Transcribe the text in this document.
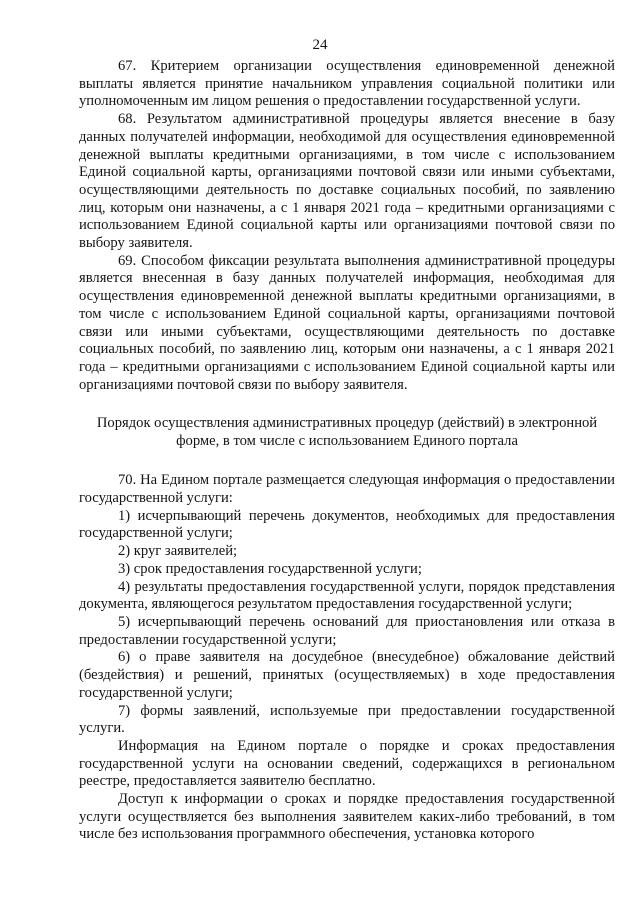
24

67. Критерием организации осуществления единовременной денежной выплаты является принятие начальником управления социальной политики или уполномоченным им лицом решения о предоставлении государственной услуги.

68. Результатом административной процедуры является внесение в базу данных получателей информации, необходимой для осуществления единовременной денежной выплаты кредитными организациями, в том числе с использованием Единой социальной карты, организациями почтовой связи или иными субъектами, осуществляющими деятельность по доставке социальных пособий, по заявлению лиц, которым они назначены, а с 1 января 2021 года – кредитными организациями с использованием Единой социальной карты или организациями почтовой связи по выбору заявителя.

69. Способом фиксации результата выполнения административной процедуры является внесенная в базу данных получателей информация, необходимая для осуществления единовременной денежной выплаты кредитными организациями, в том числе с использованием Единой социальной карты, организациями почтовой связи или иными субъектами, осуществляющими деятельность по доставке социальных пособий, по заявлению лиц, которым они назначены, а с 1 января 2021 года – кредитными организациями с использованием Единой социальной карты или организациями почтовой связи по выбору заявителя.

Порядок осуществления административных процедур (действий) в электронной форме, в том числе с использованием Единого портала

70. На Едином портале размещается следующая информация о предоставлении государственной услуги:

1) исчерпывающий перечень документов, необходимых для предоставления государственной услуги;

2) круг заявителей;

3) срок предоставления государственной услуги;

4) результаты предоставления государственной услуги, порядок представления документа, являющегося результатом предоставления государственной услуги;

5) исчерпывающий перечень оснований для приостановления или отказа в предоставлении государственной услуги;

6) о праве заявителя на досудебное (внесудебное) обжалование действий (бездействия) и решений, принятых (осуществляемых) в ходе предоставления государственной услуги;

7) формы заявлений, используемые при предоставлении государственной услуги.

Информация на Едином портале о порядке и сроках предоставления государственной услуги на основании сведений, содержащихся в региональном реестре, предоставляется заявителю бесплатно.

Доступ к информации о сроках и порядке предоставления государственной услуги осуществляется без выполнения заявителем каких-либо требований, в том числе без использования программного обеспечения, установка которого
